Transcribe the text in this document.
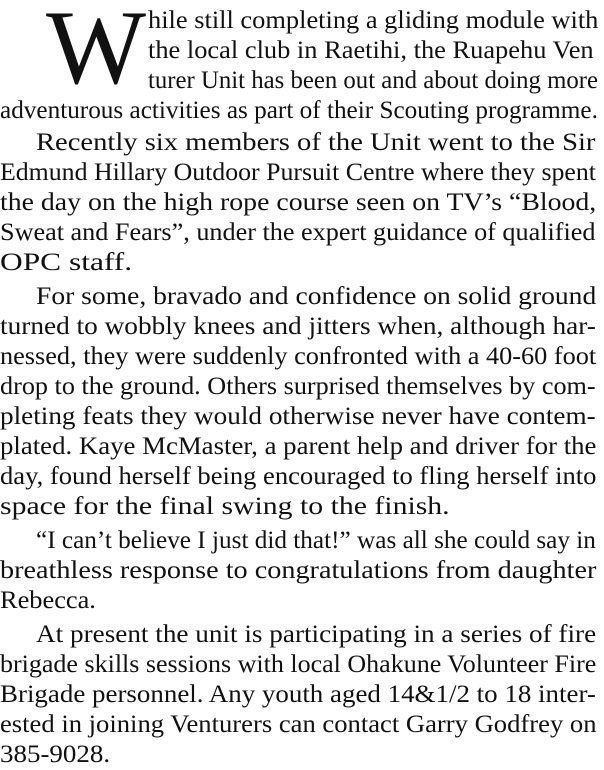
W hile still completing a gliding module with
the local club in Raetihi, the Ruapehu Ven
turer Unit has been out and about doing more
adventurous activities as part of their Scouting programme.
Recently six members of the Unit went to the Sir
Edmund Hillary Outdoor Pursuit Centre where they spent
the day on the high rope course seen on TV’s “Blood,
Sweat and Fears”, under the expert guidance of qualified
OPC staff.
For some, bravado and confidence on solid ground
turned to wobbly knees and jitters when, although har-
nessed, they were suddenly confronted with a 40-60 foot
drop to the ground. Others surprised themselves by com-
pleting feats they would otherwise never have contem-
plated. Kaye McMaster, a parent help and driver for the
day, found herself being encouraged to fling herself into
space for the final swing to the finish.
“I can’t believe I just did that!” was all she could say in
breathless response to congratulations from daughter
Rebecca.
At present the unit is participating in a series of fire
brigade skills sessions with local Ohakune Volunteer Fire
Brigade personnel. Any youth aged 14&1/2 to 18 inter-
ested in joining Venturers can contact Garry Godfrey on
385-9028.
